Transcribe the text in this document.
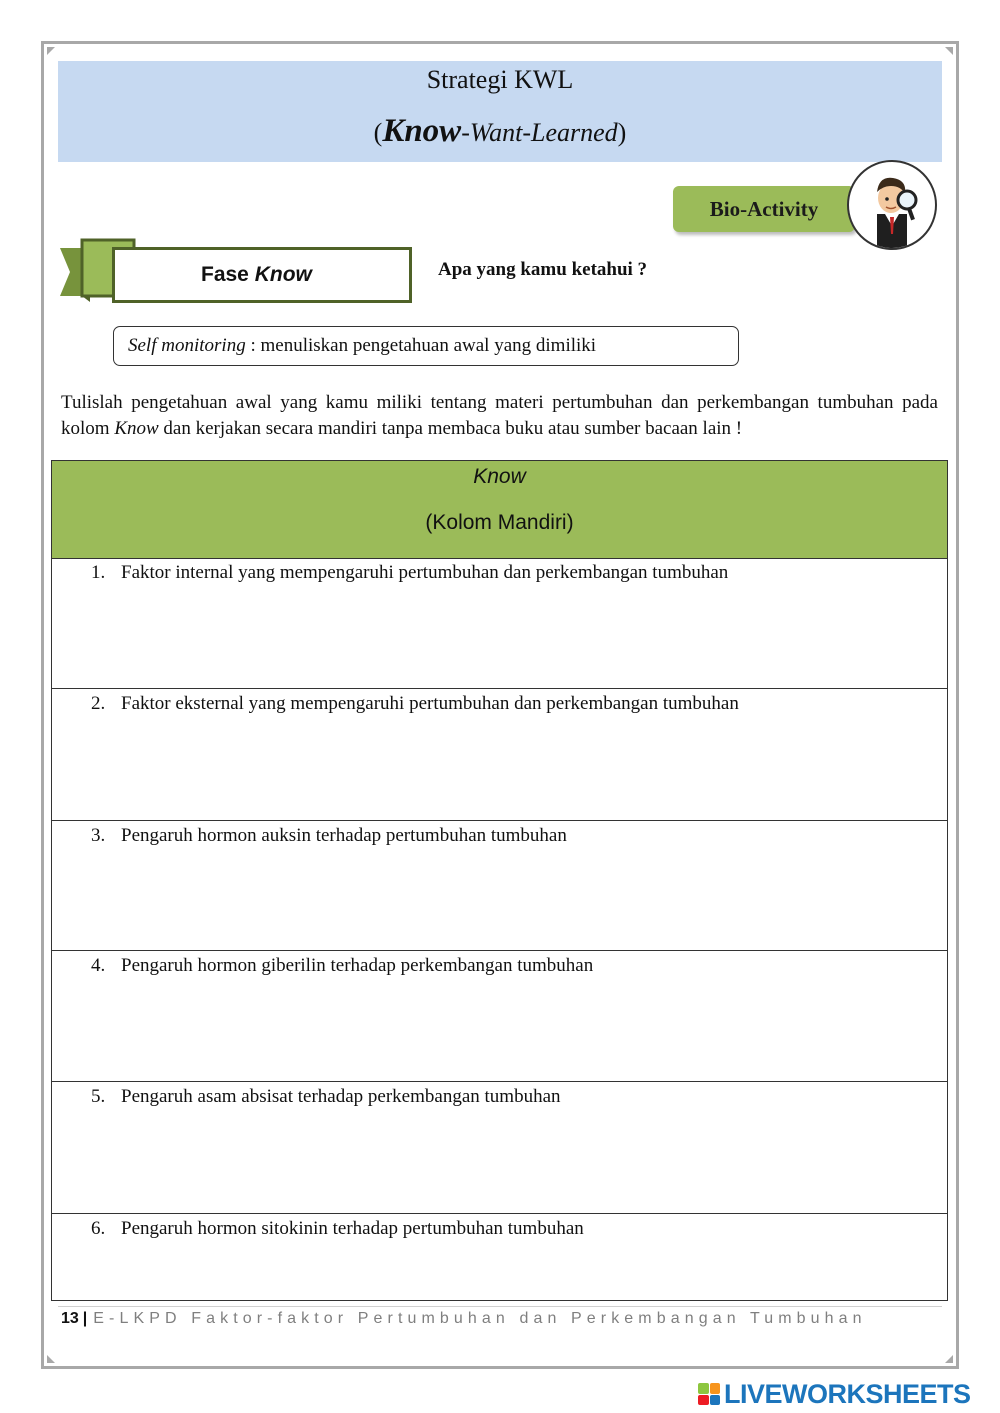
Strategi KWL
(Know-Want-Learned)
Bio-Activity
Fase Know	Apa yang kamu ketahui ?
Self monitoring : menuliskan pengetahuan awal yang dimiliki
Tulislah pengetahuan awal yang kamu miliki tentang materi pertumbuhan dan perkembangan tumbuhan pada kolom Know dan kerjakan secara mandiri tanpa membaca buku atau sumber bacaan lain !
Know
(Kolom Mandiri)
1. Faktor internal yang mempengaruhi pertumbuhan dan perkembangan tumbuhan
2. Faktor eksternal yang mempengaruhi pertumbuhan dan perkembangan tumbuhan
3. Pengaruh hormon auksin terhadap pertumbuhan tumbuhan
4. Pengaruh hormon giberilin terhadap perkembangan tumbuhan
5. Pengaruh asam absisat terhadap perkembangan tumbuhan
6. Pengaruh hormon sitokinin terhadap pertumbuhan tumbuhan
13 | E-LKPD Faktor-faktor Pertumbuhan dan Perkembangan Tumbuhan
LIVEWORKSHEETS
